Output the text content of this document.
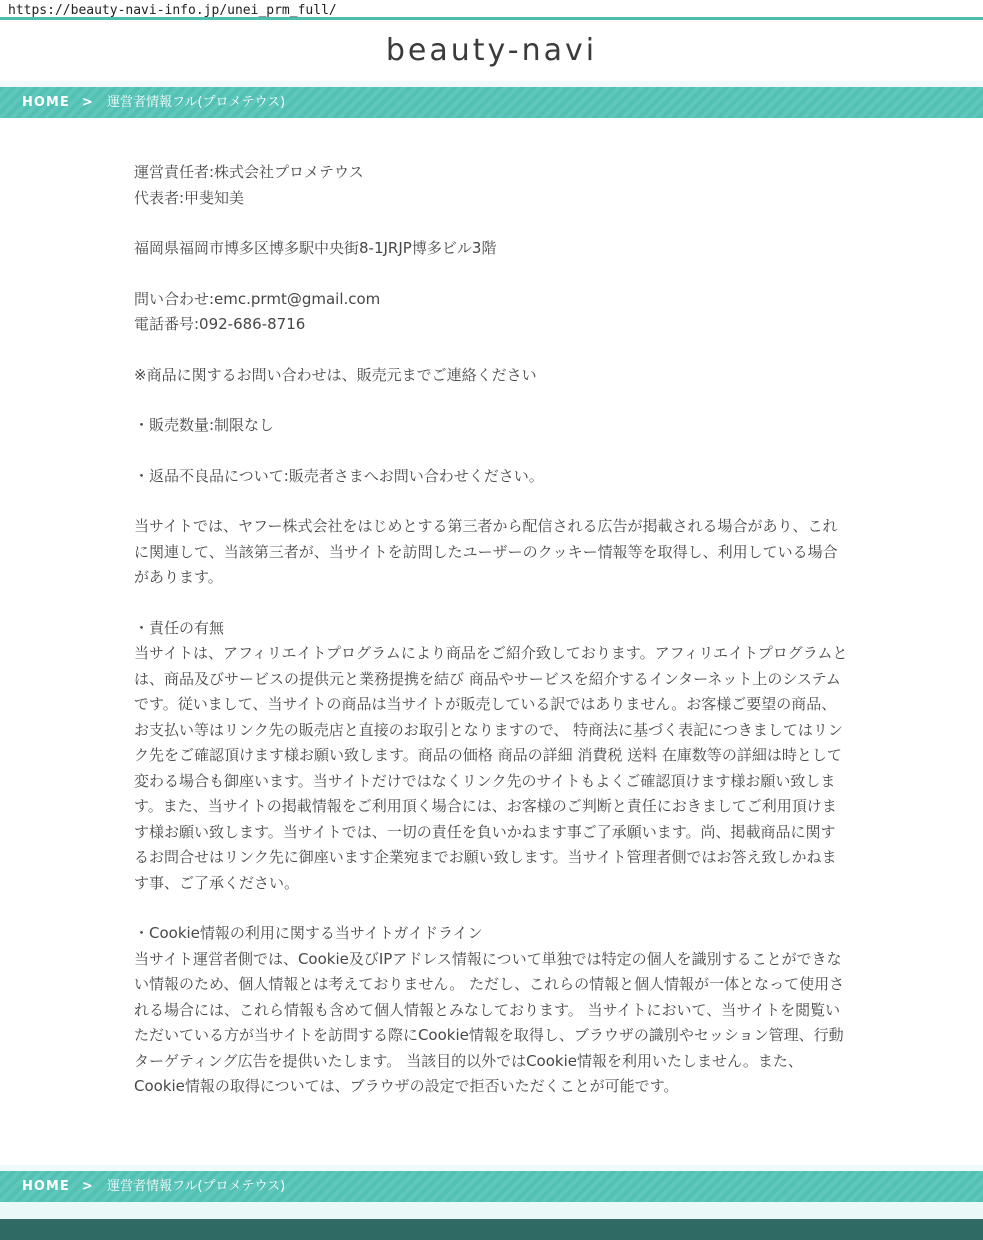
https://beauty-navi-info.jp/unei_prm_full/
beauty-navi
HOME > 運営者情報フル(プロメテウス)

運営責任者:株式会社プロメテウス
代表者:甲斐知美

福岡県福岡市博多区博多駅中央街8-1JRJP博多ビル3階

問い合わせ:emc.prmt@gmail.com
電話番号:092-686-8716

※商品に関するお問い合わせは、販売元までご連絡ください

・販売数量:制限なし

・返品不良品について:販売者さまへお問い合わせください。

当サイトでは、ヤフー株式会社をはじめとする第三者から配信される広告が掲載される場合があり、これに関連して、当該第三者が、当サイトを訪問したユーザーのクッキー情報等を取得し、利用している場合があります。

・責任の有無
当サイトは、アフィリエイトプログラムにより商品をご紹介致しております。アフィリエイトプログラムとは、商品及びサービスの提供元と業務提携を結び 商品やサービスを紹介するインターネット上のシステムです。従いまして、当サイトの商品は当サイトが販売している訳ではありません。お客様ご要望の商品、お支払い等はリンク先の販売店と直接のお取引となりますので、 特商法に基づく表記につきましてはリンク先をご確認頂けます様お願い致します。商品の価格 商品の詳細 消費税 送料 在庫数等の詳細は時として変わる場合も御座います。当サイトだけではなくリンク先のサイトもよくご確認頂けます様お願い致します。また、当サイトの掲載情報をご利用頂く場合には、お客様のご判断と責任におきましてご利用頂けます様お願い致します。当サイトでは、一切の責任を負いかねます事ご了承願います。尚、掲載商品に関するお問合せはリンク先に御座います企業宛までお願い致します。当サイト管理者側ではお答え致しかねます事、ご了承ください。

・Cookie情報の利用に関する当サイトガイドライン
当サイト運営者側では、Cookie及びIPアドレス情報について単独では特定の個人を識別することができない情報のため、個人情報とは考えておりません。 ただし、これらの情報と個人情報が一体となって使用される場合には、これら情報も含めて個人情報とみなしております。 当サイトにおいて、当サイトを閲覧いただいている方が当サイトを訪問する際にCookie情報を取得し、ブラウザの識別やセッション管理、行動ターゲティング広告を提供いたします。 当該目的以外ではCookie情報を利用いたしません。また、Cookie情報の取得については、ブラウザの設定で拒否いただくことが可能です。

HOME > 運営者情報フル(プロメテウス)
